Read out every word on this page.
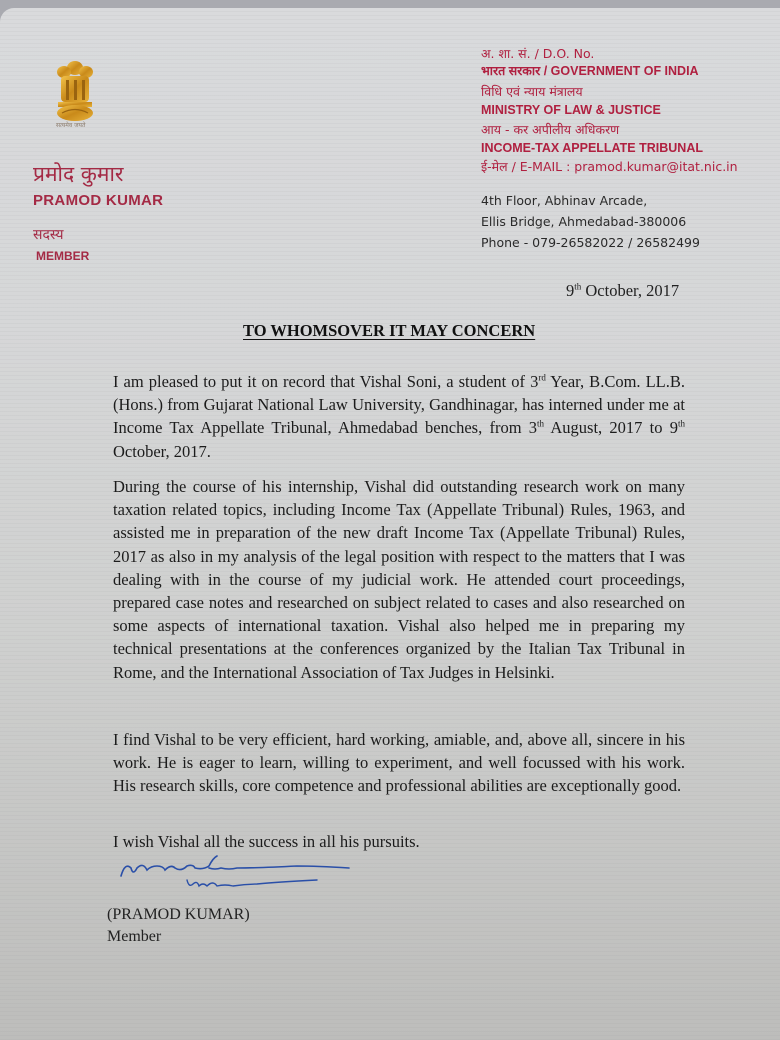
सत्यमेव जयते
प्रमोद कुमार
PRAMOD KUMAR
सदस्य
MEMBER
अ. शा. सं. / D.O. No.
भारत सरकार / GOVERNMENT OF INDIA
विधि एवं न्याय मंत्रालय
MINISTRY OF LAW & JUSTICE
आय - कर अपीलीय अधिकरण
INCOME-TAX APPELLATE TRIBUNAL
ई-मेल / E-MAIL : pramod.kumar@itat.nic.in
4th Floor, Abhinav Arcade,
Ellis Bridge, Ahmedabad-380006
Phone - 079-26582022 / 26582499
9th October, 2017
TO WHOMSOVER IT MAY CONCERN
I am pleased to put it on record that Vishal Soni, a student of 3rd Year, B.Com. LL.B. (Hons.) from Gujarat National Law University, Gandhinagar, has interned under me at Income Tax Appellate Tribunal, Ahmedabad benches, from 3th August, 2017 to 9th October, 2017.
During the course of his internship, Vishal did outstanding research work on many taxation related topics, including Income Tax (Appellate Tribunal) Rules, 1963, and assisted me in preparation of the new draft Income Tax (Appellate Tribunal) Rules, 2017 as also in my analysis of the legal position with respect to the matters that I was dealing with in the course of my judicial work. He attended court proceedings, prepared case notes and researched on subject related to cases and also researched on some aspects of international taxation. Vishal also helped me in preparing my technical presentations at the conferences organized by the Italian Tax Tribunal in Rome, and the International Association of Tax Judges in Helsinki.
I find Vishal to be very efficient, hard working, amiable, and, above all, sincere in his work. He is eager to learn, willing to experiment, and well focussed with his work. His research skills, core competence and professional abilities are exceptionally good.
I wish Vishal all the success in all his pursuits.
(PRAMOD KUMAR)
Member
